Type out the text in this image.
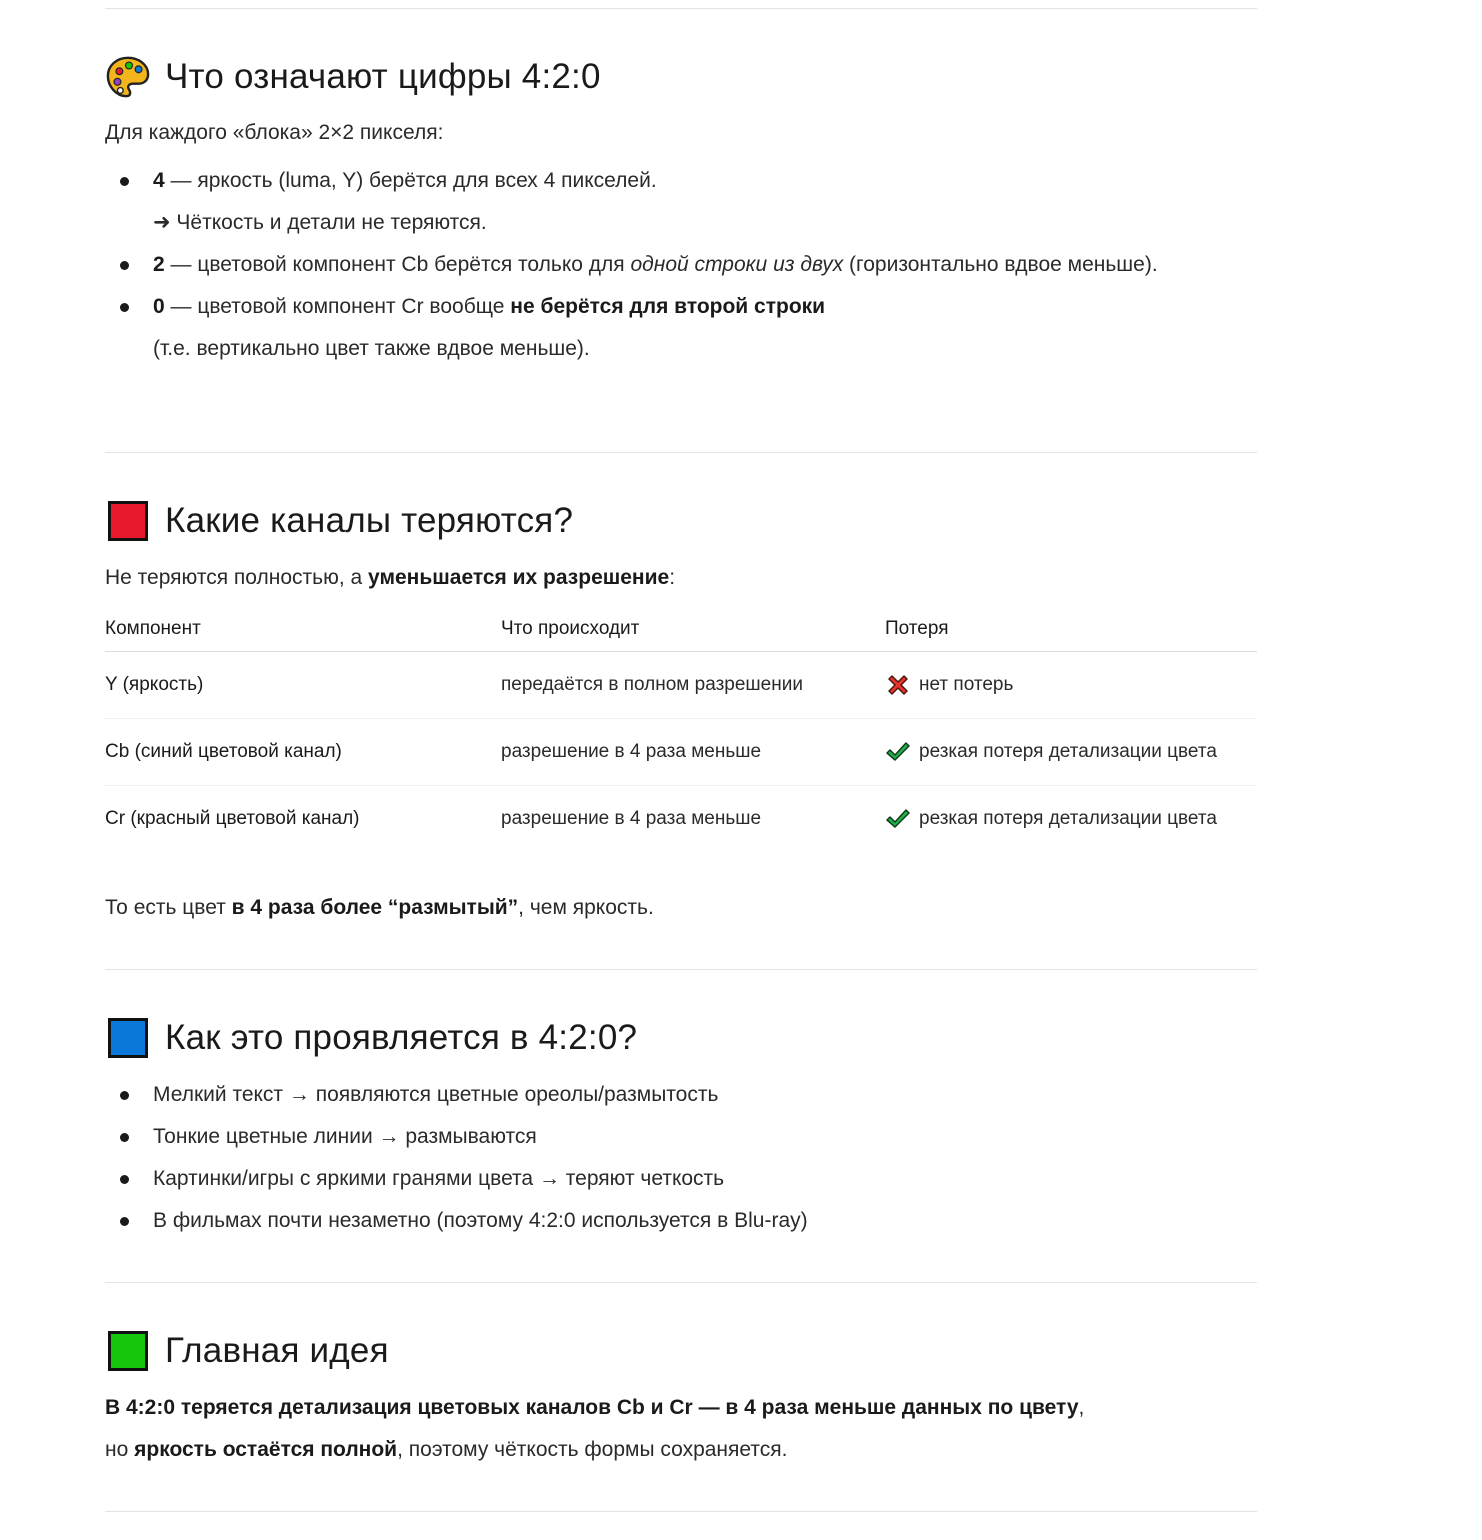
Что означают цифры 4:2:0

Для каждого «блока» 2×2 пикселя:

4 — яркость (luma, Y) берётся для всех 4 пикселей.
➜ Чёткость и детали не теряются.
2 — цветовой компонент Cb берётся только для одной строки из двух (горизонтально вдвое меньше).
0 — цветовой компонент Cr вообще не берётся для второй строки
(т.е. вертикально цвет также вдвое меньше).
Какие каналы теряются?

Не теряются полностью, а уменьшается их разрешение:

Компонент	Что происходит	Потеря
Y (яркость)	передаётся в полном разрешении	нет потерь

Cb (синий цветовой канал)	разрешение в 4 раза меньше	резкая потеря детализации цвета

Cr (красный цветовой канал)	разрешение в 4 раза меньше	резкая потеря детализации цвета

То есть цвет в 4 раза более “размытый”, чем яркость.

Как это проявляется в 4:2:0?
Мелкий текст → появляются цветные ореолы/размытость
Тонкие цветные линии → размываются
Картинки/игры с яркими гранями цвета → теряют четкость
В фильмах почти незаметно (поэтому 4:2:0 используется в Blu-ray)
Главная идея

В 4:2:0 теряется детализация цветовых каналов Cb и Cr — в 4 раза меньше данных по цвету,
но яркость остаётся полной, поэтому чёткость формы сохраняется.
